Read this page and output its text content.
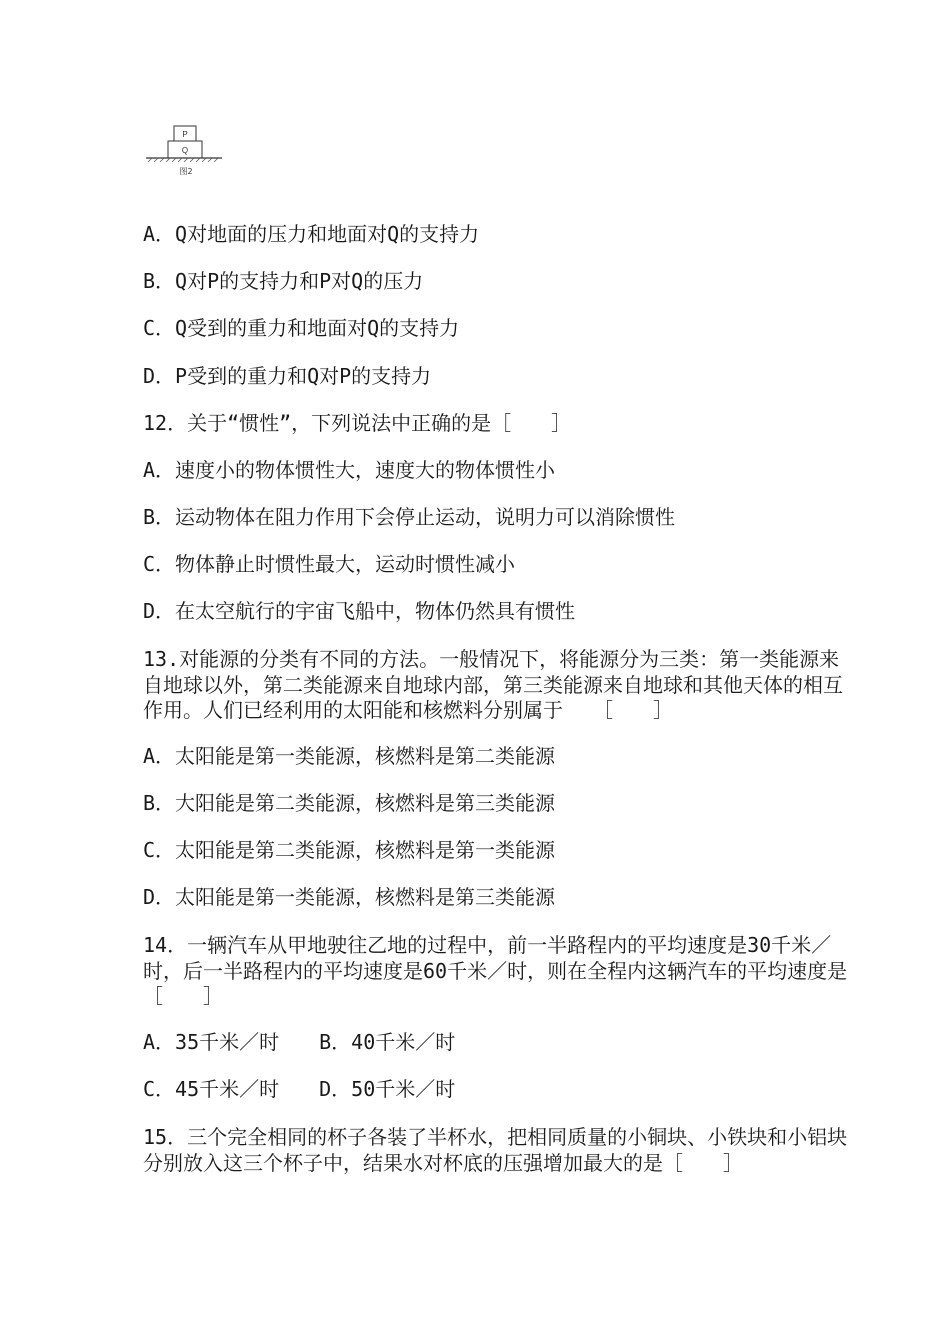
P
Q
图2
A．Q对地面的压力和地面对Q的支持力
B．Q对P的支持力和P对Q的压力
C．Q受到的重力和地面对Q的支持力
D．P受到的重力和Q对P的支持力
12．关于“惯性”，下列说法中正确的是［　　］
A．速度小的物体惯性大，速度大的物体惯性小
B．运动物体在阻力作用下会停止运动，说明力可以消除惯性
C．物体静止时惯性最大，运动时惯性减小
D．在太空航行的宇宙飞船中，物体仍然具有惯性
13.对能源的分类有不同的方法。一般情况下，将能源分为三类：第一类能源来自地球以外，第二类能源来自地球内部，第三类能源来自地球和其他天体的相互作用。人们已经利用的太阳能和核燃料分别属于　　［　　］
A．太阳能是第一类能源，核燃料是第二类能源
B．大阳能是第二类能源，核燃料是第三类能源
C．太阳能是第二类能源，核燃料是第一类能源
D．太阳能是第一类能源，核燃料是第三类能源
14．一辆汽车从甲地驶往乙地的过程中，前一半路程内的平均速度是30千米／时，后一半路程内的平均速度是60千米／时，则在全程内这辆汽车的平均速度是　　［　　］
A．35千米／时　　B．40千米／时
C．45千米／时　　D．50千米／时
15．三个完全相同的杯子各装了半杯水，把相同质量的小铜块、小铁块和小铝块分别放入这三个杯子中，结果水对杯底的压强增加最大的是［　　］
